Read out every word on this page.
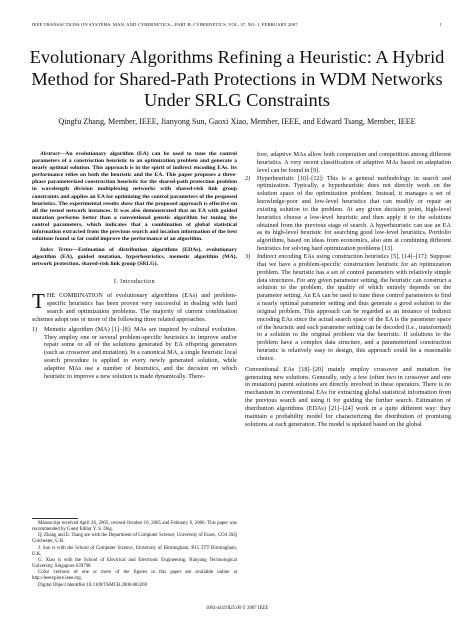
IEEE TRANSACTIONS ON SYSTEMS, MAN, AND CYBERNETICS—PART B: CYBERNETICS, VOL. 37, NO. 1, FEBRUARY 2007	1
Evolutionary Algorithms Refining a Heuristic: A Hybrid Method for Shared-Path Protections in WDM Networks Under SRLG Constraints
Qingfu Zhang, Member, IEEE, Jianyong Sun, Gaoxi Xiao, Member, IEEE, and Edward Tsang, Member, IEEE

Abstract—An evolutionary algorithm (EA) can be used to tune the control parameters of a construction heuristic to an optimization problem and generate a nearly optimal solution. This approach is in the spirit of indirect encoding EAs. Its performance relies on both the heuristic and the EA. This paper proposes a three-phase parameterized construction heuristic for the shared-path protection problem in wavelength division multiplexing networks with shared-risk link group constraints and applies an EA for optimizing the control parameters of the proposed heuristics. The experimental results show that the proposed approach is effective on all the tested network instances. It was also demonstrated that an EA with guided mutation performs better than a conventional genetic algorithm for tuning the control parameters, which indicates that a combination of global statistical information extracted from the previous search and location information of the best solutions found so far could improve the performance of an algorithm.

Index Terms—Estimation of distribution algorithms (EDAs), evolutionary algorithm (EA), guided mutation, hyperheuristics, memetic algorithm (MA), network protection, shared-risk link group (SRLG).

I. Introduction

THE COMBINATION of evolutionary algorithms (EAs) and problem-specific heuristics has been proven very successful in dealing with hard search and optimization problems. The majority of current combination schemes adopt one or more of the following three related approaches.

1) Memetic algorithm (MA) [1]–[8]: MAs are inspired by cultural evolution. They employ one or several problem-specific heuristics to improve and/or repair some or all of the solutions generated by EA offspring generators (such as crossover and mutation). In a canonical MA, a single heuristic local search procedure is applied to every newly generated solution, while adaptive MAs use a number of heuristics, and the decision on which heuristic to improve a new solution is made dynamically. There-
Manuscript received April 26, 2005; revised October 16, 2005 and February 6, 2006. This paper was recommended by Guest Editor Y. S. Ong.
Q. Zhang and E. Tsang are with the Department of Computer Science, University of Essex, CO4 3SQ Colchester, U.K.
J. Sun is with the School of Computer Science, University of Birmingham, B15 2TT Birmingham, U.K.
G. Xiao is with the School of Electrical and Electronic Engineering, Nanyang Technological University, Singapore 639798.
Color versions of one or more of the figures in this paper are available online at http://ieeexplore.ieee.org.
Digital Object Identifier 10.1109/TSMCB.2006.883269

fore, adaptive MAs allow both cooperation and competition among different heuristics. A very recent classification of adaptive MAs based on adaptation level can be found in [9].

2) Hyperheuristic [10]–[12]: This is a general methodology in search and optimization. Typically, a hyperheuristic does not directly work on the solution space of the optimization problem. Instead, it manages a set of knowledge-poor and low-level heuristics that can modify or repair an existing solution to the problem. At any given decision point, high-level heuristics choose a low-level heuristic and then apply it to the solutions obtained from the previous stage of search. A hyperheuristic can use an EA as its high-level heuristic for searching good low-level heuristics. Portfolio algorithms, based on ideas from economics, also aim at combining different heuristics for solving hard optimization problems [13].
3) Indirect encoding EAs using construction heuristics [5], [14]–[17]: Suppose that we have a problem-specific construction heuristic for an optimization problem. The heuristic has a set of control parameters with relatively simple data structures. For any given parameter setting, the heuristic can construct a solution to the problem, the quality of which entirely depends on the parameter setting. An EA can be used to tune these control parameters to find a nearly optimal parameter setting and thus generate a good solution to the original problem. This approach can be regarded as an instance of indirect encoding EAs since the actual search space of the EA is the parameter space of the heuristic and each parameter setting can be decoded (i.e., transformed) to a solution to the original problem via the heuristic. If solutions to the problem have a complex data structure, and a parameterized construction heuristic is relatively easy to design, this approach could be a reasonable choice.

Conventional EAs [18]–[20] mainly employ crossover and mutation for generating new solutions. Generally, only a few (often two in crossover and one in mutation) parent solutions are directly involved in these operators. There is no mechanism in conventional EAs for extracting global statistical information from the previous search and using it for guiding the further search. Estimation of distribution algorithms (EDAs) [21]–[24] work in a quite different way: they maintain a probability model for characterizing the distribution of promising solutions at each generation. The model is updated based on the global

1083-4419/$25.00 © 2007 IEEE
